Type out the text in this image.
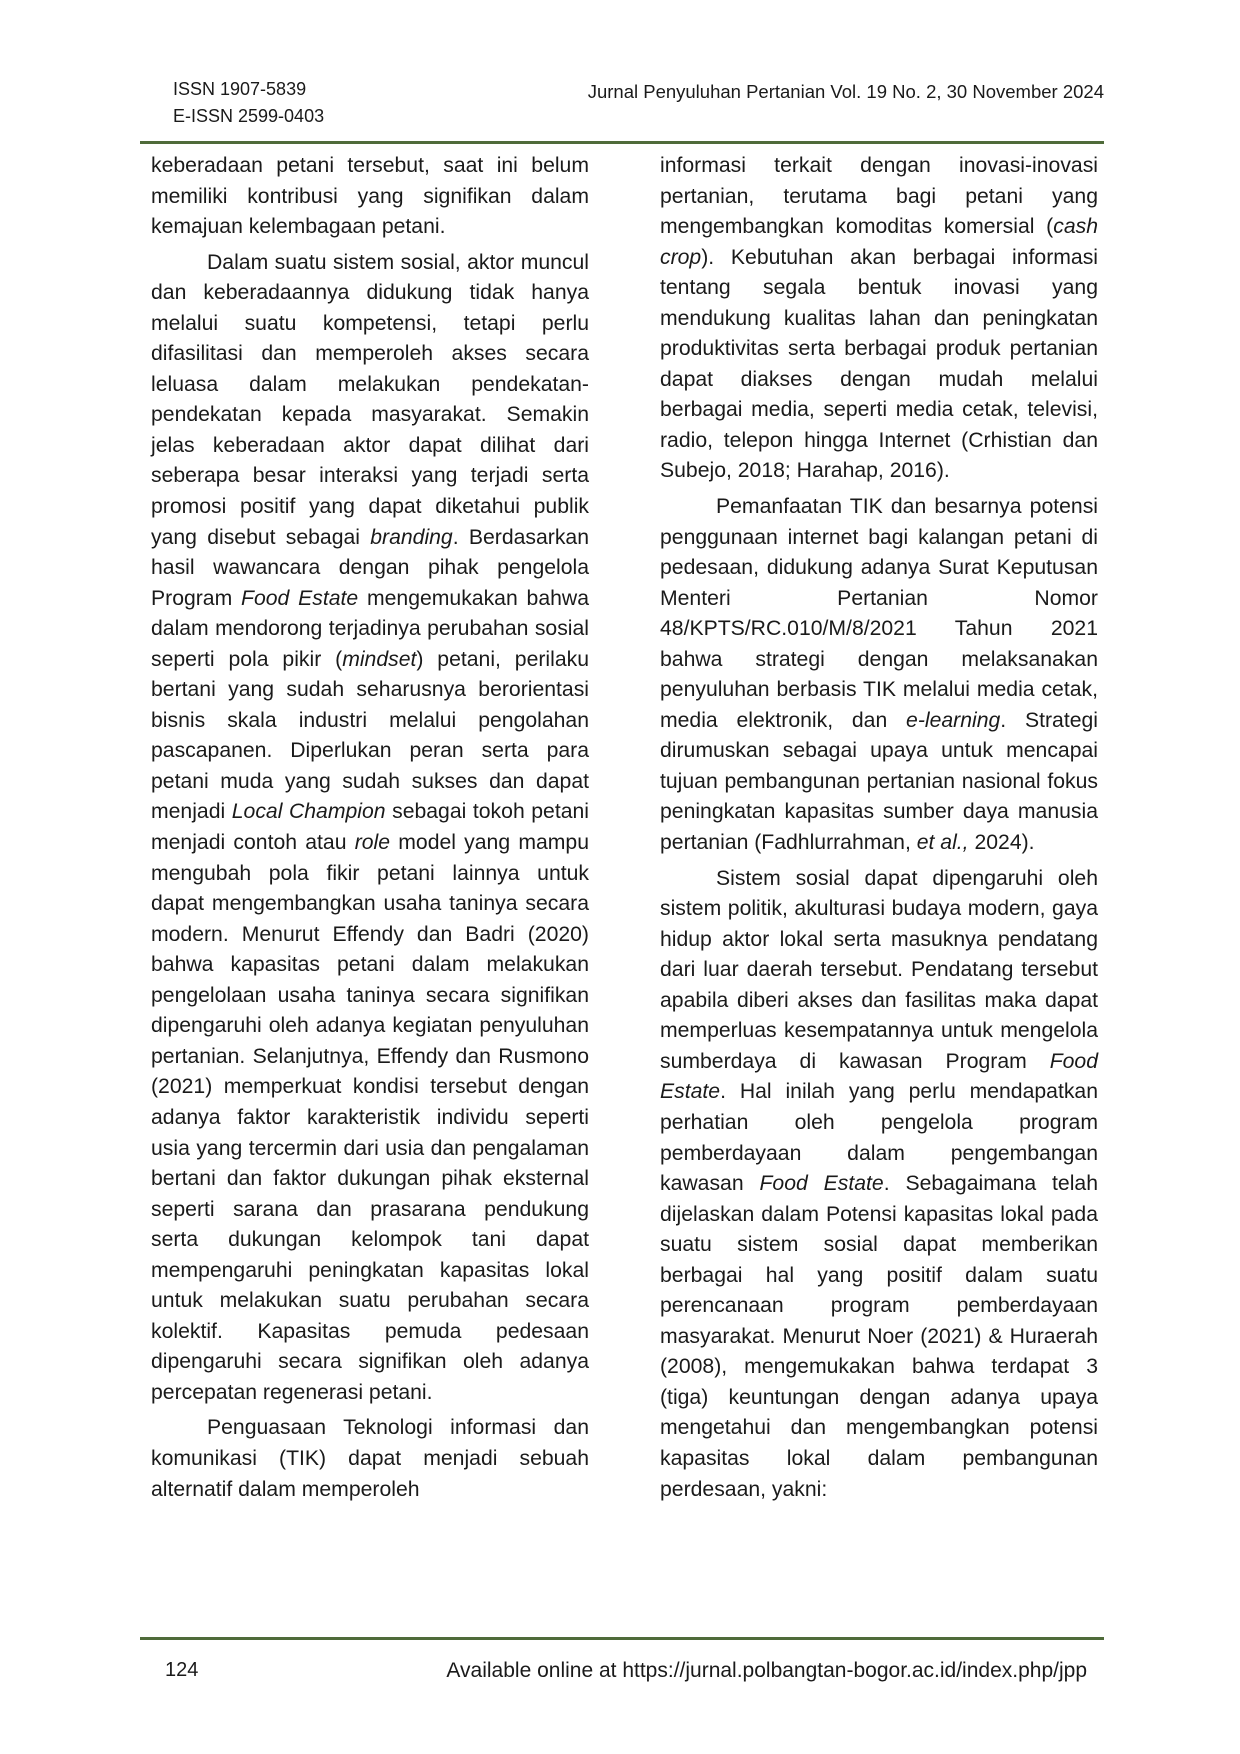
ISSN 1907-5839
E-ISSN 2599-0403
Jurnal Penyuluhan Pertanian Vol. 19 No. 2, 30 November 2024

keberadaan petani tersebut, saat ini belum memiliki kontribusi yang signifikan dalam kemajuan kelembagaan petani.

Dalam suatu sistem sosial, aktor muncul dan keberadaannya didukung tidak hanya melalui suatu kompetensi, tetapi perlu difasilitasi dan memperoleh akses secara leluasa dalam melakukan pendekatan-pendekatan kepada masyarakat. Semakin jelas keberadaan aktor dapat dilihat dari seberapa besar interaksi yang terjadi serta promosi positif yang dapat diketahui publik yang disebut sebagai branding. Berdasarkan hasil wawancara dengan pihak pengelola Program Food Estate mengemukakan bahwa dalam mendorong terjadinya perubahan sosial seperti pola pikir (mindset) petani, perilaku bertani yang sudah seharusnya berorientasi bisnis skala industri melalui pengolahan pascapanen. Diperlukan peran serta para petani muda yang sudah sukses dan dapat menjadi Local Champion sebagai tokoh petani menjadi contoh atau role model yang mampu mengubah pola fikir petani lainnya untuk dapat mengembangkan usaha taninya secara modern. Menurut Effendy dan Badri (2020) bahwa kapasitas petani dalam melakukan pengelolaan usaha taninya secara signifikan dipengaruhi oleh adanya kegiatan penyuluhan pertanian. Selanjutnya, Effendy dan Rusmono (2021) memperkuat kondisi tersebut dengan adanya faktor karakteristik individu seperti usia yang tercermin dari usia dan pengalaman bertani dan faktor dukungan pihak eksternal seperti sarana dan prasarana pendukung serta dukungan kelompok tani dapat mempengaruhi peningkatan kapasitas lokal untuk melakukan suatu perubahan secara kolektif. Kapasitas pemuda pedesaan dipengaruhi secara signifikan oleh adanya percepatan regenerasi petani.

Penguasaan Teknologi informasi dan komunikasi (TIK) dapat menjadi sebuah alternatif dalam memperoleh

informasi terkait dengan inovasi-inovasi pertanian, terutama bagi petani yang mengembangkan komoditas komersial (cash crop). Kebutuhan akan berbagai informasi tentang segala bentuk inovasi yang mendukung kualitas lahan dan peningkatan produktivitas serta berbagai produk pertanian dapat diakses dengan mudah melalui berbagai media, seperti media cetak, televisi, radio, telepon hingga Internet (Crhistian dan Subejo, 2018; Harahap, 2016).

Pemanfaatan TIK dan besarnya potensi penggunaan internet bagi kalangan petani di pedesaan, didukung adanya Surat Keputusan Menteri Pertanian Nomor 48/KPTS/RC.010/M/8/2021 Tahun 2021 bahwa strategi dengan melaksanakan penyuluhan berbasis TIK melalui media cetak, media elektronik, dan e-learning. Strategi dirumuskan sebagai upaya untuk mencapai tujuan pembangunan pertanian nasional fokus peningkatan kapasitas sumber daya manusia pertanian (Fadhlurrahman, et al., 2024).

Sistem sosial dapat dipengaruhi oleh sistem politik, akulturasi budaya modern, gaya hidup aktor lokal serta masuknya pendatang dari luar daerah tersebut. Pendatang tersebut apabila diberi akses dan fasilitas maka dapat memperluas kesempatannya untuk mengelola sumberdaya di kawasan Program Food Estate. Hal inilah yang perlu mendapatkan perhatian oleh pengelola program pemberdayaan dalam pengembangan kawasan Food Estate. Sebagaimana telah dijelaskan dalam Potensi kapasitas lokal pada suatu sistem sosial dapat memberikan berbagai hal yang positif dalam suatu perencanaan program pemberdayaan masyarakat. Menurut Noer (2021) & Huraerah (2008), mengemukakan bahwa terdapat 3 (tiga) keuntungan dengan adanya upaya mengetahui dan mengembangkan potensi kapasitas lokal dalam pembangunan perdesaan, yakni:

124	Available online at https://jurnal.polbangtan-bogor.ac.id/index.php/jpp
